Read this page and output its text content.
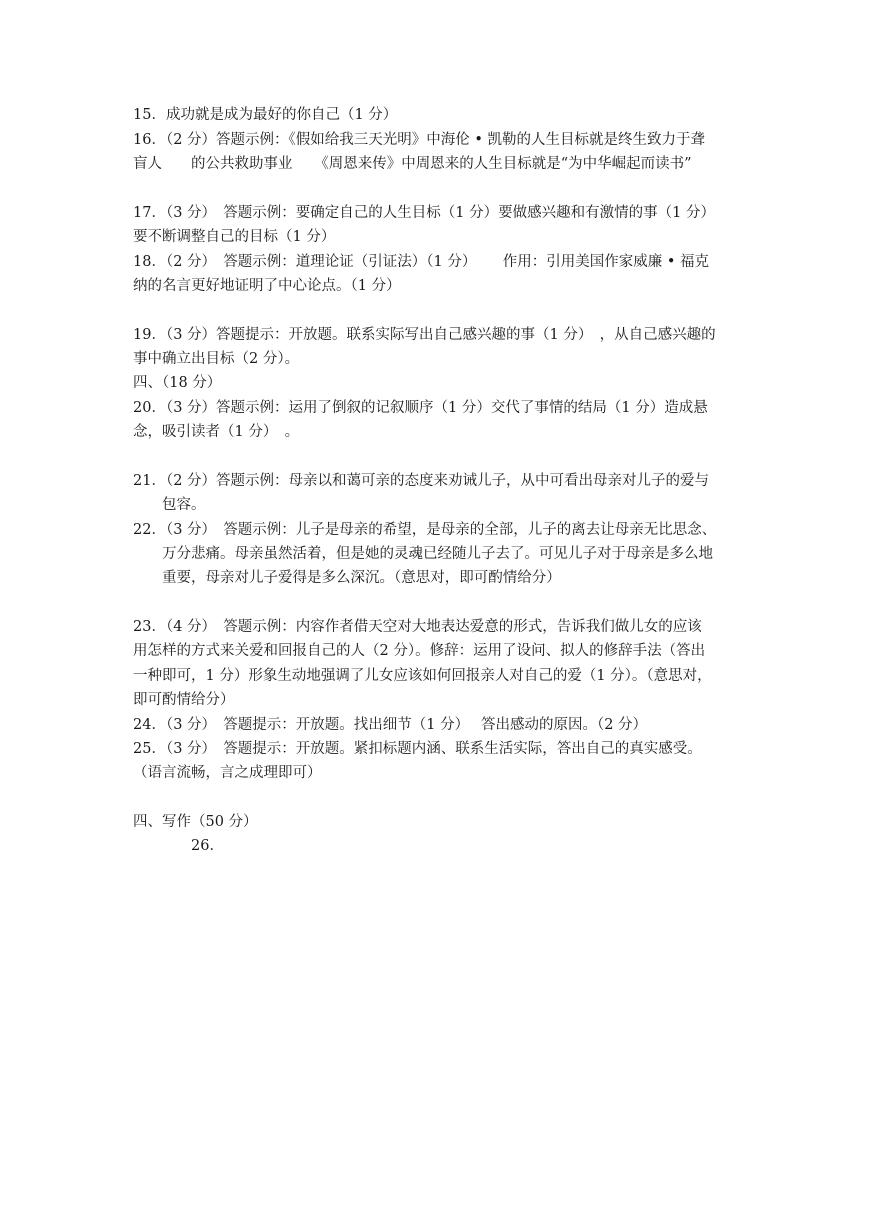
15．成功就是成为最好的你自己（1 分）
16．（2 分）答题示例：《假如给我三天光明》中海伦 • 凯勒的人生目标就是终生致力于聋
盲人　　的公共救助事业　　《周恩来传》中周恩来的人生目标就是“为中华崛起而读书”
17．（3 分）　答题示例：要确定自己的人生目标（1 分）要做感兴趣和有激情的事（1 分）
要不断调整自己的目标（1 分）
18．（2 分）　答题示例：道理论证（引证法）（1 分）　　 作用：引用美国作家威廉 • 福克
纳的名言更好地证明了中心论点。（1 分）
19．（3 分）答题提示：开放题。联系实际写出自己感兴趣的事（1 分）　，从自己感兴趣的
事中确立出目标（2 分）。
四、（18 分）
20．（3 分）答题示例：运用了倒叙的记叙顺序（1 分）交代了事情的结局（1 分）造成悬
念，吸引读者（1 分）　。
21．（2 分）答题示例：母亲以和蔼可亲的态度来劝诫儿子，从中可看出母亲对儿子的爱与
包容。
22．（3 分）　答题示例：儿子是母亲的希望，是母亲的全部，儿子的离去让母亲无比思念、
万分悲痛。母亲虽然活着，但是她的灵魂已经随儿子去了。可见儿子对于母亲是多么地
重要，母亲对儿子爱得是多么深沉。（意思对，即可酌情给分）
23．（4 分）　答题示例：内容作者借天空对大地表达爱意的形式，告诉我们做儿女的应该
用怎样的方式来关爱和回报自己的人（2 分）。修辞：运用了设问、拟人的修辞手法（答出
一种即可，1 分）形象生动地强调了儿女应该如何回报亲人对自己的爱（1 分）。（意思对，
即可酌情给分）
24．（3 分）　答题提示：开放题。找出细节（1 分）　 答出感动的原因。（2 分）
25．（3 分）　答题提示：开放题。紧扣标题内涵、联系生活实际，答出自己的真实感受。
（语言流畅，言之成理即可）
四、写作（50 分）
26．
